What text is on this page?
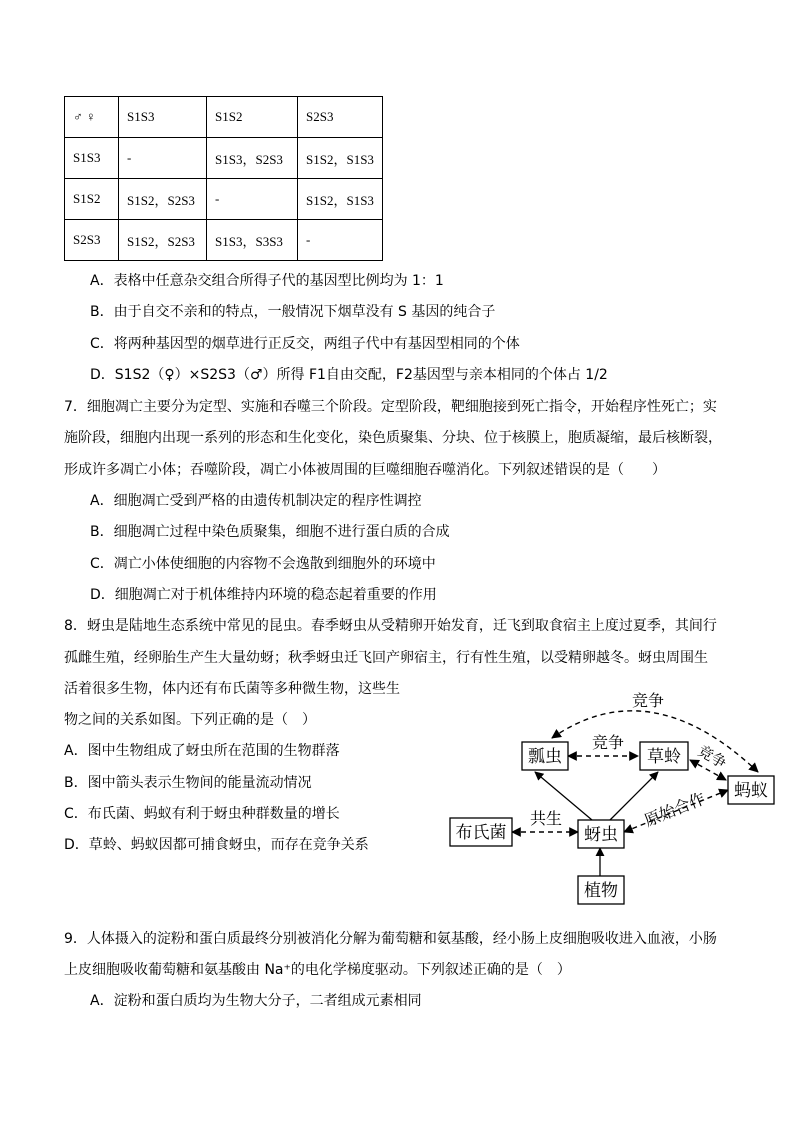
♂ ♀	S1S3	S1S2	S2S3
S1S3	-	S1S3，S2S3	S1S2，S1S3
S1S2	S1S2，S2S3	-	S1S2，S1S3
S2S3	S1S2，S2S3	S1S3，S3S3	-
A．表格中任意杂交组合所得子代的基因型比例均为 1：1
B．由于自交不亲和的特点，一般情况下烟草没有 S 基因的纯合子
C．将两种基因型的烟草进行正反交，两组子代中有基因型相同的个体
D．S1S2（♀）×S2S3（♂）所得 F1自由交配，F2基因型与亲本相同的个体占 1/2
7．细胞凋亡主要分为定型、实施和吞噬三个阶段。定型阶段，靶细胞接到死亡指令，开始程序性死亡；实
施阶段，细胞内出现一系列的形态和生化变化，染色质聚集、分块、位于核膜上，胞质凝缩，最后核断裂，
形成许多凋亡小体；吞噬阶段，凋亡小体被周围的巨噬细胞吞噬消化。下列叙述错误的是（　　）
A．细胞凋亡受到严格的由遗传机制决定的程序性调控
B．细胞凋亡过程中染色质聚集，细胞不进行蛋白质的合成
C．凋亡小体使细胞的内容物不会逸散到细胞外的环境中
D．细胞凋亡对于机体维持内环境的稳态起着重要的作用
8．蚜虫是陆地生态系统中常见的昆虫。春季蚜虫从受精卵开始发育，迁飞到取食宿主上度过夏季，其间行
孤雌生殖，经卵胎生产生大量幼蚜；秋季蚜虫迁飞回产卵宿主，行有性生殖，以受精卵越冬。蚜虫周围生
活着很多生物，体内还有布氏菌等多种微生物，这些生
物之间的关系如图。下列正确的是（　）
A．图中生物组成了蚜虫所在范围的生物群落
B．图中箭头表示生物间的能量流动情况
C．布氏菌、蚂蚁有利于蚜虫种群数量的增长
D．草蛉、蚂蚁因都可捕食蚜虫，而存在竞争关系
竞争
竞争	竞争
原始合作
共生
瓢虫	草蛉
蚂蚁
布氏菌	蚜虫
植物
9．人体摄入的淀粉和蛋白质最终分别被消化分解为葡萄糖和氨基酸，经小肠上皮细胞吸收进入血液，小肠
上皮细胞吸收葡萄糖和氨基酸由 Na⁺的电化学梯度驱动。下列叙述正确的是（　）
A．淀粉和蛋白质均为生物大分子，二者组成元素相同
